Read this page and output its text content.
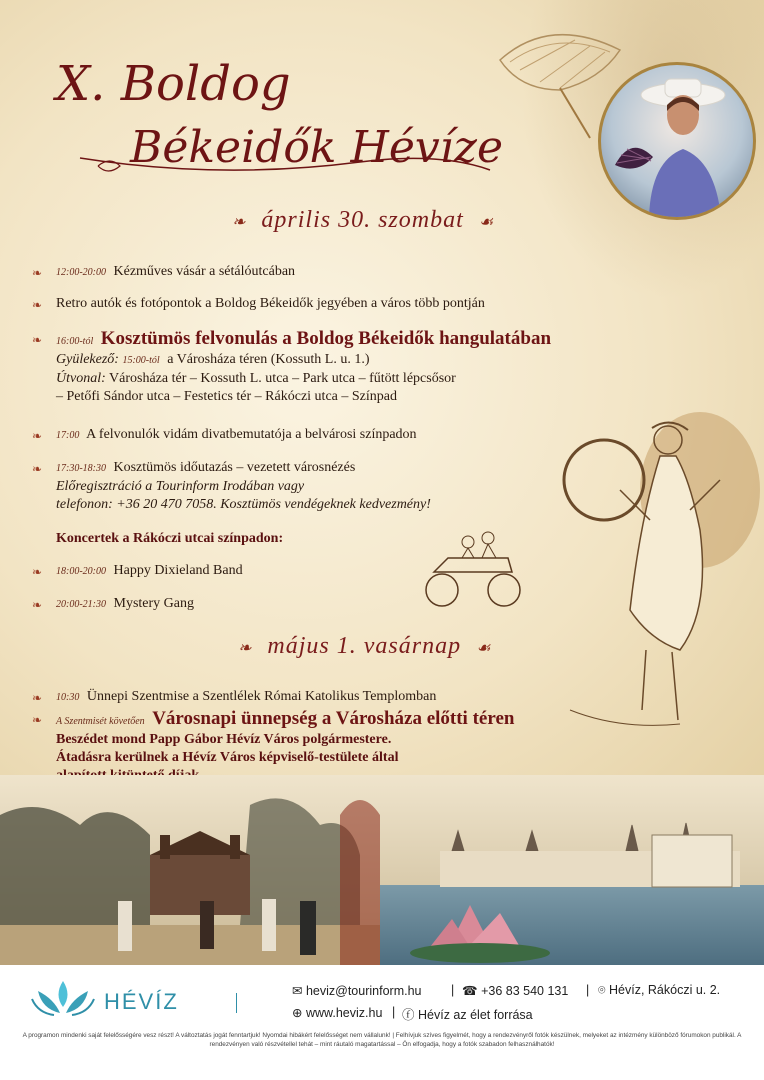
X. Boldog
Békeidők Hévíze
❧ április 30. szombat ☙
❧ 12:00-20:00 Kézműves vásár a sétálóutcában
❧ Retro autók és fotópontok a Boldog Békeidők jegyében a város több pontján
❧ 16:00-tól Kosztümös felvonulás a Boldog Békeidők hangulatában
Gyülekező: 15:00-tól a Városháza téren (Kossuth L. u. 1.)
Útvonal: Városháza tér – Kossuth L. utca – Park utca – fűtött lépcsősor
– Petőfi Sándor utca – Festetics tér – Rákóczi utca – Színpad
❧ 17:00 A felvonulók vidám divatbemutatója a belvárosi színpadon
❧ 17:30-18:30 Kosztümös időutazás – vezetett városnézés
Előregisztráció a Tourinform Irodában vagy
telefonon: +36 20 470 7058. Kosztümös vendégeknek kedvezmény!
Koncertek a Rákóczi utcai színpadon:
❧ 18:00-20:00 Happy Dixieland Band
❧ 20:00-21:30 Mystery Gang
❧ május 1. vasárnap ☙
❧ 10:30 Ünnepi Szentmise a Szentlélek Római Katolikus Templomban
❧ A Szentmisét követően Városnapi ünnepség a Városháza előtti téren
Beszédet mond Papp Gábor Hévíz Város polgármestere.
Átadásra kerülnek a Hévíz Város képviselő-testülete által
HÉVÍZ	✉ heviz@tourinform.hu | ☎ +36 83 540 131 | ⌾ Hévíz, Rákóczi u. 2.
⊕ www.heviz.hu | ⓕ Hévíz az élet forrása
A programon mindenki saját felelősségére vesz részt! A változtatás jogát fenntartjuk! Nyomdai hibákért felelősséget nem vállalunk! | Felhívjuk szíves figyelmét, hogy a rendezvényről fotók készülnek, melyeket az intézmény különböző fórumokon publikál. A rendezvényen való részvétellel tehát – mint ráutaló magatartással – Ön elfogadja, hogy a fotók szabadon felhasználhatók!
